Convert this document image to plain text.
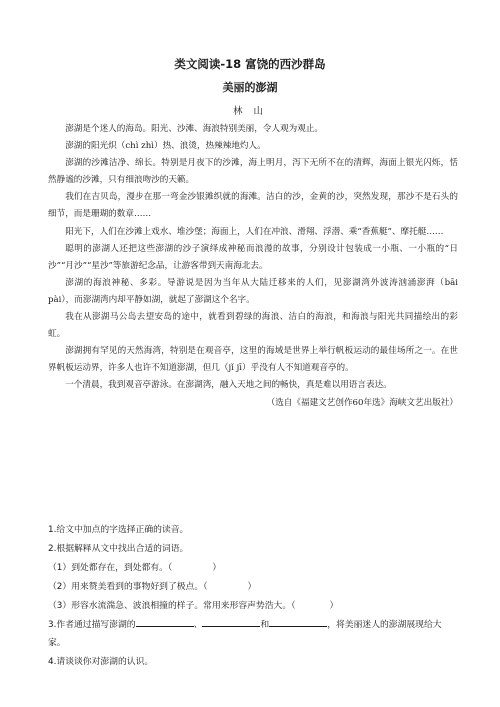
类文阅读-18 富饶的西沙群岛
美丽的澎湖
林 山

澎湖是个迷人的海岛。阳光、沙滩、海浪特别美丽，令人观为观止。

澎湖的阳光炽（chì zhì）热、浪烫，热辣辣地灼人。

澎湖的沙滩洁净、绵长。特别是月夜下的沙滩，海上明月，泻下无所不在的清辉，海面上银光闪烁，恬然静谧的沙滩，只有细浪吻沙的天籁。

我们在吉贝岛，漫步在那一弯金沙银滩织就的海滩。洁白的沙，金黄的沙，突然发现，那沙不是石头的细节，而是珊瑚的数章……

阳光下，人们在沙滩上戏水、堆沙堡；海面上，人们在冲浪、滑翔、浮潜、乘“香蕉艇”、摩托艇……

聪明的澎湖人还把这些澎湖的沙子演绎成神秘而浪漫的故事，分别设计包装成一小瓶、一小瓶的“日沙”“月沙”“星沙”等旅游纪念品，让游客带到天南海北去。

澎湖的海浪神秘、多彩。导游说是因为当年从大陆迁移来的人们，见澎湖湾外波涛汹涌澎湃（bāi pài），而澎湖湾内却平静如湖，就起了澎湖这个名字。

我在从澎湖马公岛去望安岛的途中，就看到碧绿的海浪、洁白的海浪，和海浪与阳光共同描绘出的彩虹。

澎湖拥有罕见的天然海湾，特别是在观音亭，这里的海域是世界上举行帆板运动的最佳场所之一。在世界帆板运动界，许多人也许不知道澎湖，但几（jǐ jī）乎没有人不知道观音亭的。

一个清晨，我到观音亭游泳。在澎湖湾，融入天地之间的畅快，真是难以用语言表达。

（选自《福建文艺创作60年选》海峡文艺出版社）

1.给文中加点的字选择正确的读音。

2.根据解释从文中找出合适的词语。

（1）到处都存在，到处都有。（	）

（2）用来赞美看到的事物好到了极点。（	）

（3）形容水流湍急、波浪相撞的样子。常用来形容声势浩大。（	）

3.作者通过描写澎湖的	、	和	，将美丽迷人的澎湖展现给大家。

4.请谈谈你对澎湖的认识。
